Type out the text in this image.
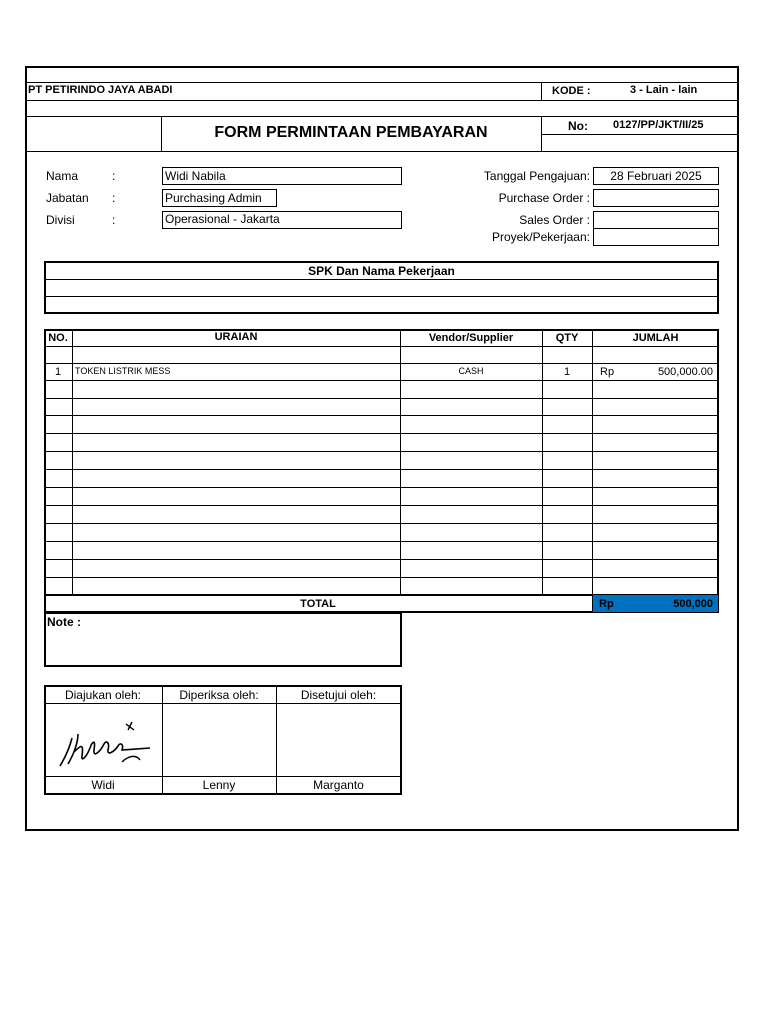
PT PETIRINDO JAYA ABADI	KODE :	3 - Lain - lain
FORM PERMINTAAN PEMBAYARAN	No: 0127/PP/JKT/II/25
Nama	:	Widi Nabila
Jabatan :	Purchasing Admin
Divisi	:	Operasional - Jakarta
Tanggal Pengajuan:	28 Februari 2025
Purchase Order :
Sales Order :
Proyek/Pekerjaan:
SPK Dan Nama Pekerjaan
NO.	URAIAN	Vendor/Supplier	QTY	JUMLAH
1	TOKEN LISTRIK MESS	CASH	1	Rp	500,000.00
TOTAL	Rp	500,000
Note :
Diajukan oleh:	Diperiksa oleh:	Disetujui oleh:
Widi	Lenny	Marganto
